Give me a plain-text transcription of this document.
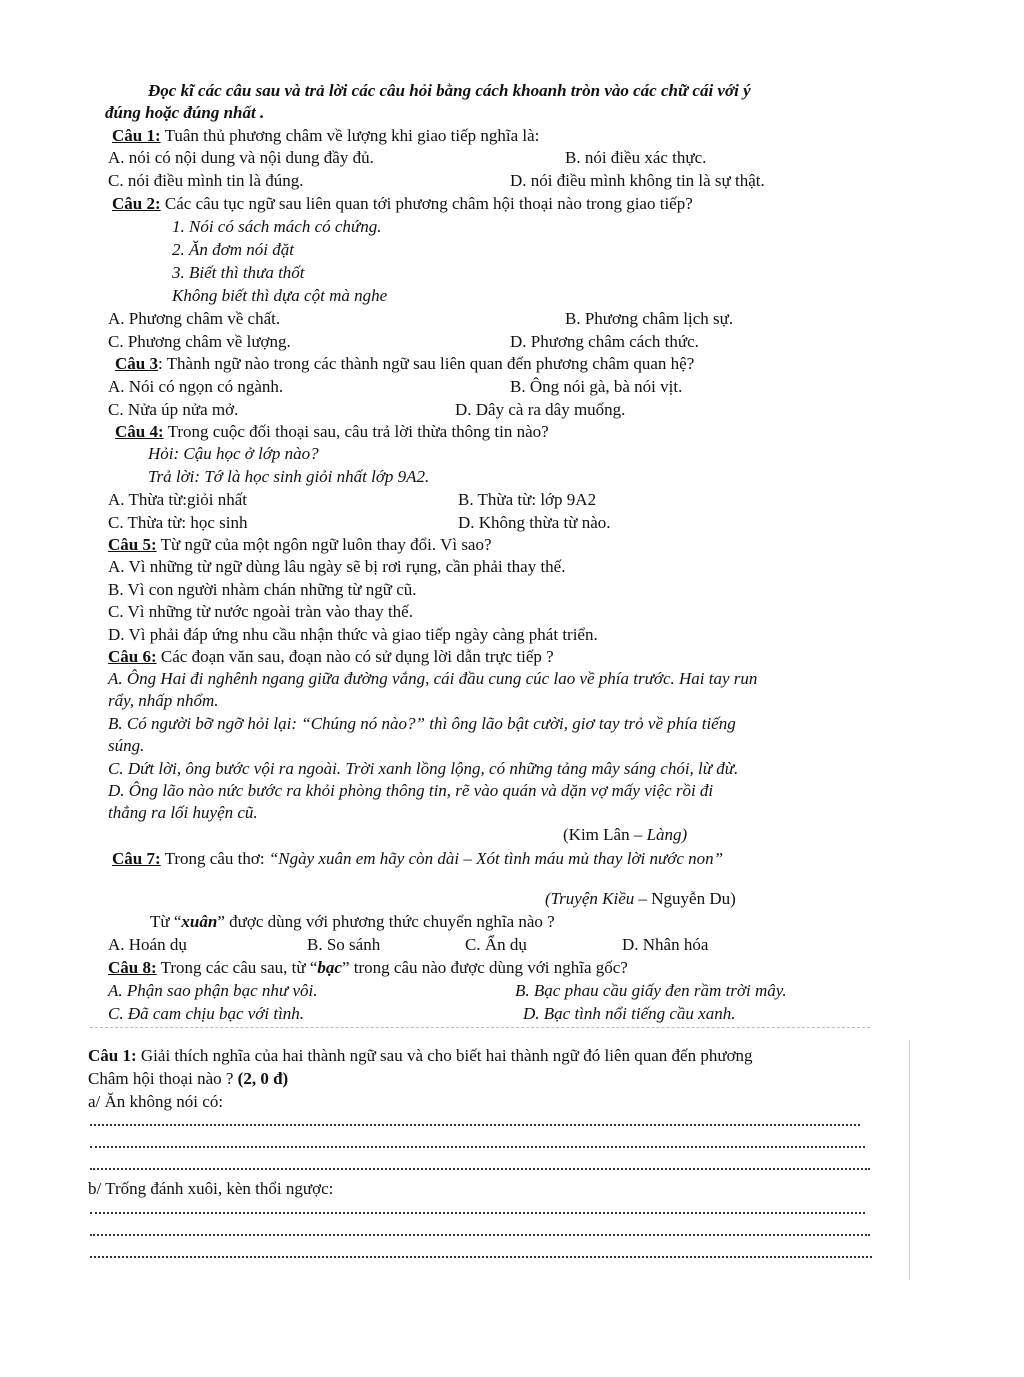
Đọc kĩ các câu sau và trả lời các câu hỏi bằng cách khoanh tròn vào các chữ cái với ý
đúng hoặc đúng nhất .
Câu 1: Tuân thủ phương châm về lượng khi giao tiếp nghĩa là:
A. nói có nội dung và nội dung đầy đủ.	B. nói điều xác thực.
C. nói điều mình tin là đúng.	D. nói điều mình không tin là sự thật.
Câu 2: Các câu tục ngữ sau liên quan tới phương châm hội thoại nào trong giao tiếp?
1. Nói có sách mách có chứng.
2. Ăn đơm nói đặt
3. Biết thì thưa thốt
Không biết thì dựa cột mà nghe
A. Phương châm về chất.	B. Phương châm lịch sự.
C. Phương châm về lượng.	D. Phương châm cách thức.
Câu 3: Thành ngữ nào trong các thành ngữ sau liên quan đến phương châm quan hệ?
A. Nói có ngọn có ngành.	B. Ông nói gà, bà nói vịt.
C. Nửa úp nửa mở.	D. Dây cà ra dây muống.
Câu 4: Trong cuộc đối thoại sau, câu trả lời thừa thông tin nào?
Hỏi: Cậu học ở lớp nào?
Trả lời: Tớ là học sinh giỏi nhất lớp 9A2.
A. Thừa từ:giỏi nhất	B. Thừa từ: lớp 9A2
C. Thừa từ: học sinh	D. Không thừa từ nào.
Câu 5: Từ ngữ của một ngôn ngữ luôn thay đổi. Vì sao?
A. Vì những từ ngữ dùng lâu ngày sẽ bị rơi rụng, cần phải thay thế.
B. Vì con người nhàm chán những từ ngữ cũ.
C. Vì những từ nước ngoài tràn vào thay thế.
D. Vì phải đáp ứng nhu cầu nhận thức và giao tiếp ngày càng phát triển.
Câu 6: Các đoạn văn sau, đoạn nào có sử dụng lời dẫn trực tiếp ?
A. Ông Hai đi nghênh ngang giữa đường vắng, cái đầu cung cúc lao về phía trước. Hai tay run
rẩy, nhấp nhổm.
B. Có người bỡ ngỡ hỏi lại: “Chúng nó nào?” thì ông lão bật cười, giơ tay trỏ về phía tiếng
súng.
C. Dứt lời, ông bước vội ra ngoài. Trời xanh lồng lộng, có những tảng mây sáng chói, lừ đừ.
D. Ông lão nào nức bước ra khỏi phòng thông tin, rẽ vào quán và dặn vợ mấy việc rồi đi
thẳng ra lối huyện cũ.
(Kim Lân – Làng)
Câu 7: Trong câu thơ: “Ngày xuân em hãy còn dài – Xót tình máu mủ thay lời nước non”
(Truyện Kiều – Nguyễn Du)
Từ “xuân” được dùng với phương thức chuyển nghĩa nào ?
A. Hoán dụ	B. So sánh	C. Ẩn dụ	D. Nhân hóa
Câu 8: Trong các câu sau, từ “bạc” trong câu nào được dùng với nghĩa gốc?
A. Phận sao phận bạc như vôi.	B. Bạc phau cầu giấy đen rầm trời mây.
C. Đã cam chịu bạc với tình.	D. Bạc tình nổi tiếng cầu xanh.
Câu 1: Giải thích nghĩa của hai thành ngữ sau và cho biết hai thành ngữ đó liên quan đến phương
Châm hội thoại nào ? (2, 0 đ)
a/ Ăn không nói có:
b/ Trống đánh xuôi, kèn thổi ngược:
